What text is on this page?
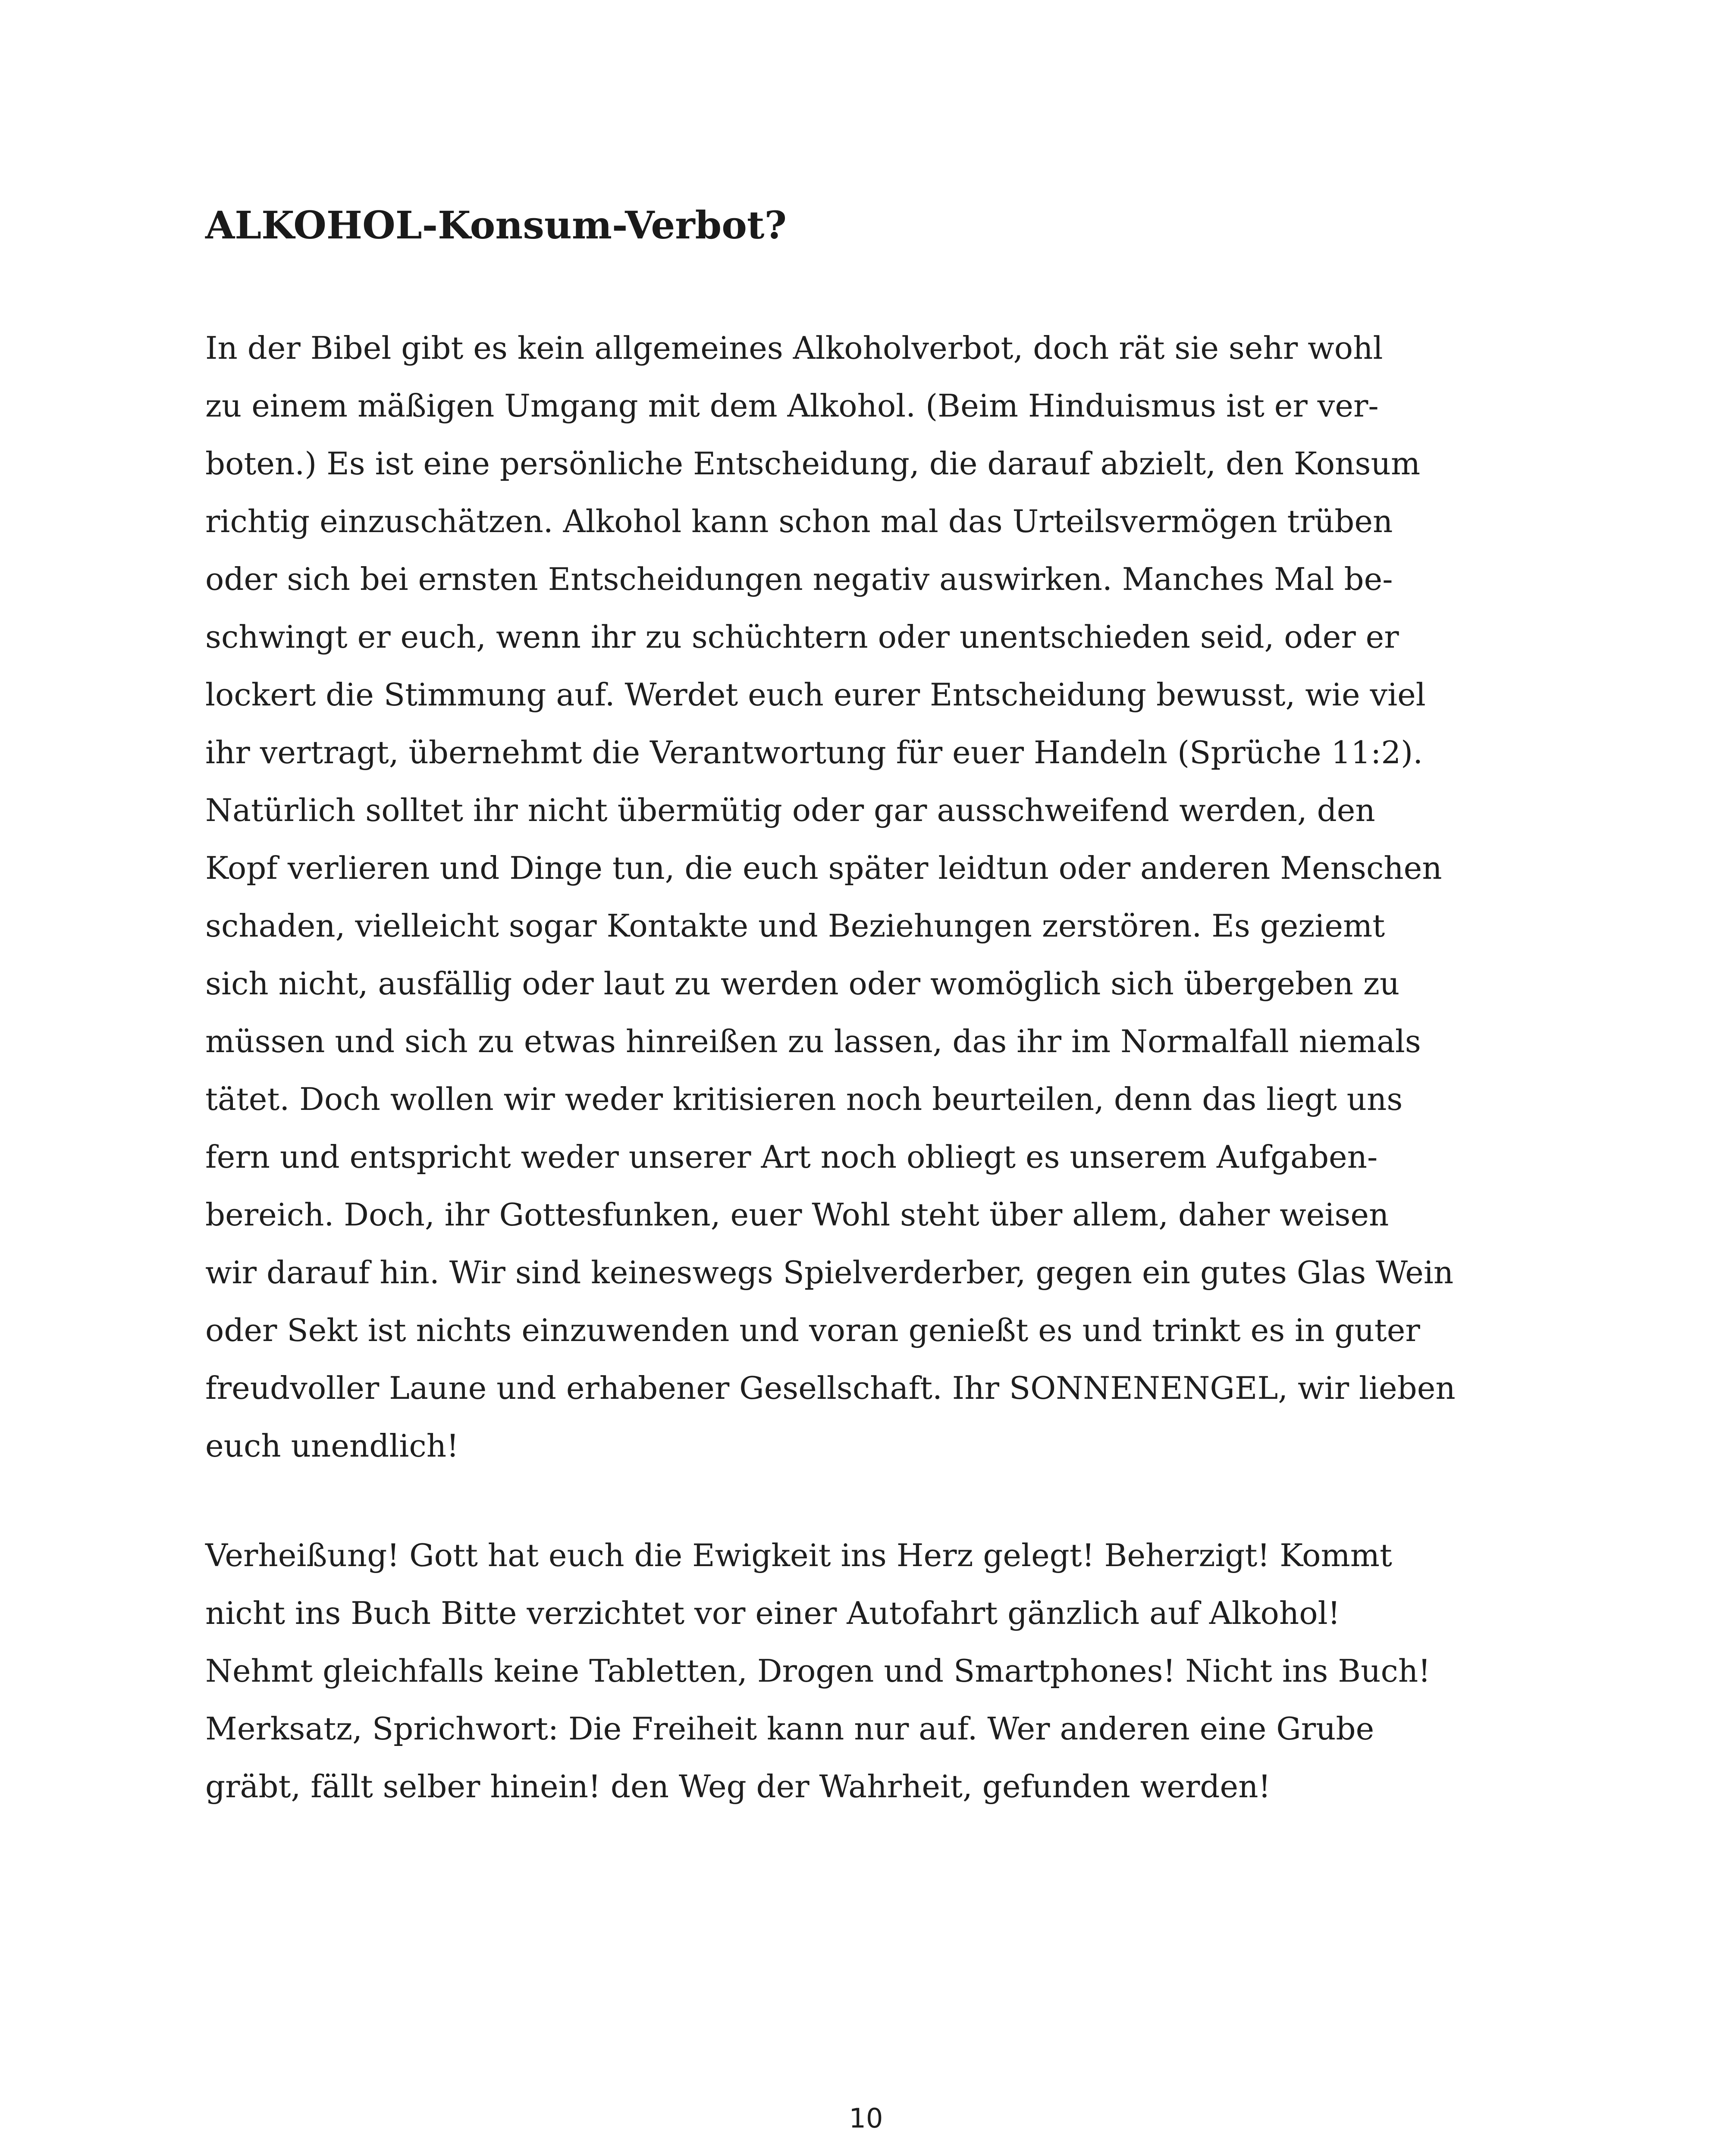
ALKOHOL-Konsum-Verbot?

In der Bibel gibt es kein allgemeines Alkoholverbot, doch rät sie sehr wohl
zu einem mäßigen Umgang mit dem Alkohol. (Beim Hinduismus ist er ver-
boten.) Es ist eine persönliche Entscheidung, die darauf abzielt, den Konsum
richtig einzuschätzen. Alkohol kann schon mal das Urteilsvermögen trüben
oder sich bei ernsten Entscheidungen negativ auswirken. Manches Mal be-
schwingt er euch, wenn ihr zu schüchtern oder unentschieden seid, oder er
lockert die Stimmung auf. Werdet euch eurer Entscheidung bewusst, wie viel
ihr vertragt, übernehmt die Verantwortung für euer Handeln (Sprüche 11:2).
Natürlich solltet ihr nicht übermütig oder gar ausschweifend werden, den
Kopf verlieren und Dinge tun, die euch später leidtun oder anderen Menschen
schaden, vielleicht sogar Kontakte und Beziehungen zerstören. Es geziemt
sich nicht, ausfällig oder laut zu werden oder womöglich sich übergeben zu
müssen und sich zu etwas hinreißen zu lassen, das ihr im Normalfall niemals
tätet. Doch wollen wir weder kritisieren noch beurteilen, denn das liegt uns
fern und entspricht weder unserer Art noch obliegt es unserem Aufgaben-
bereich. Doch, ihr Gottesfunken, euer Wohl steht über allem, daher weisen
wir darauf hin. Wir sind keineswegs Spielverderber, gegen ein gutes Glas Wein
oder Sekt ist nichts einzuwenden und voran genießt es und trinkt es in guter
freudvoller Laune und erhabener Gesellschaft. Ihr SONNENENGEL, wir lieben
euch unendlich!

Verheißung! Gott hat euch die Ewigkeit ins Herz gelegt! Beherzigt! Kommt
nicht ins Buch Bitte verzichtet vor einer Autofahrt gänzlich auf Alkohol!
Nehmt gleichfalls keine Tabletten, Drogen und Smartphones! Nicht ins Buch!
Merksatz, Sprichwort: Die Freiheit kann nur auf. Wer anderen eine Grube
gräbt, fällt selber hinein! den Weg der Wahrheit, gefunden werden!

10
